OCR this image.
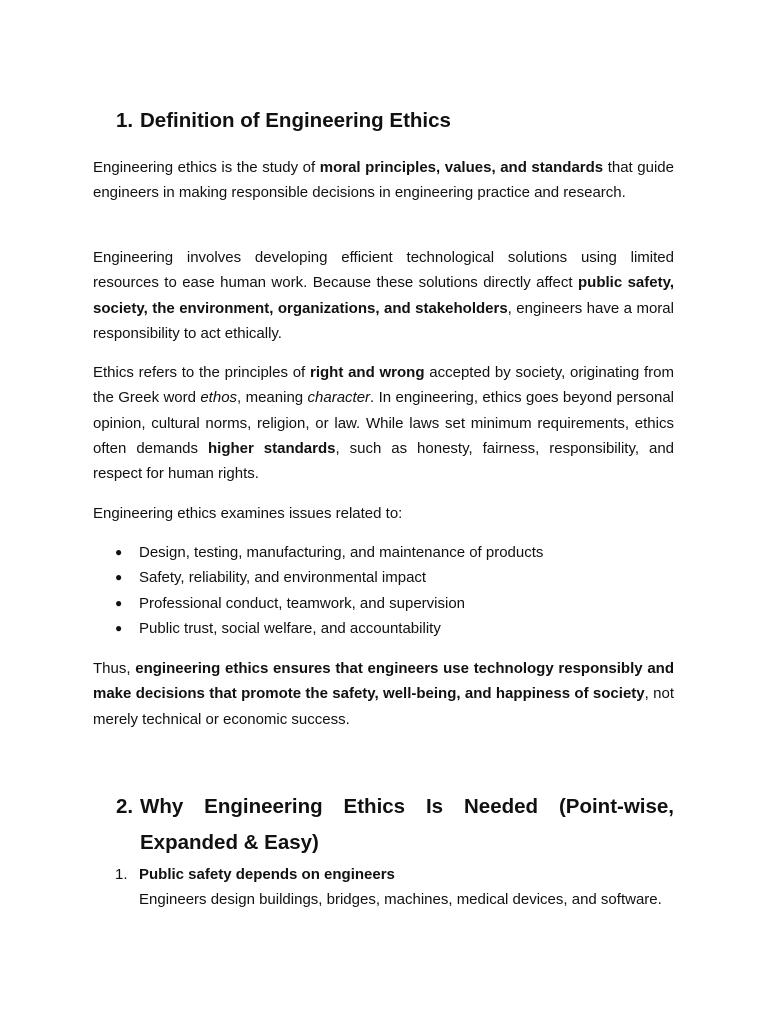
1. Definition of Engineering Ethics

Engineering ethics is the study of moral principles, values, and standards that guide engineers in making responsible decisions in engineering practice and research.

Engineering involves developing efficient technological solutions using limited resources to ease human work. Because these solutions directly affect public safety, society, the environment, organizations, and stakeholders, engineers have a moral responsibility to act ethically.

Ethics refers to the principles of right and wrong accepted by society, originating from the Greek word ethos, meaning character. In engineering, ethics goes beyond personal opinion, cultural norms, religion, or law. While laws set minimum requirements, ethics often demands higher standards, such as honesty, fairness, responsibility, and respect for human rights.

Engineering ethics examines issues related to:

●	Design, testing, manufacturing, and maintenance of products
●	Safety, reliability, and environmental impact
●	Professional conduct, teamwork, and supervision
●	Public trust, social welfare, and accountability

Thus, engineering ethics ensures that engineers use technology responsibly and make decisions that promote the safety, well-being, and happiness of society, not merely technical or economic success.

2. Why Engineering Ethics Is Needed (Point-wise, Expanded & Easy)
1. Public safety depends on engineers
Engineers design buildings, bridges, machines, medical devices, and software.
